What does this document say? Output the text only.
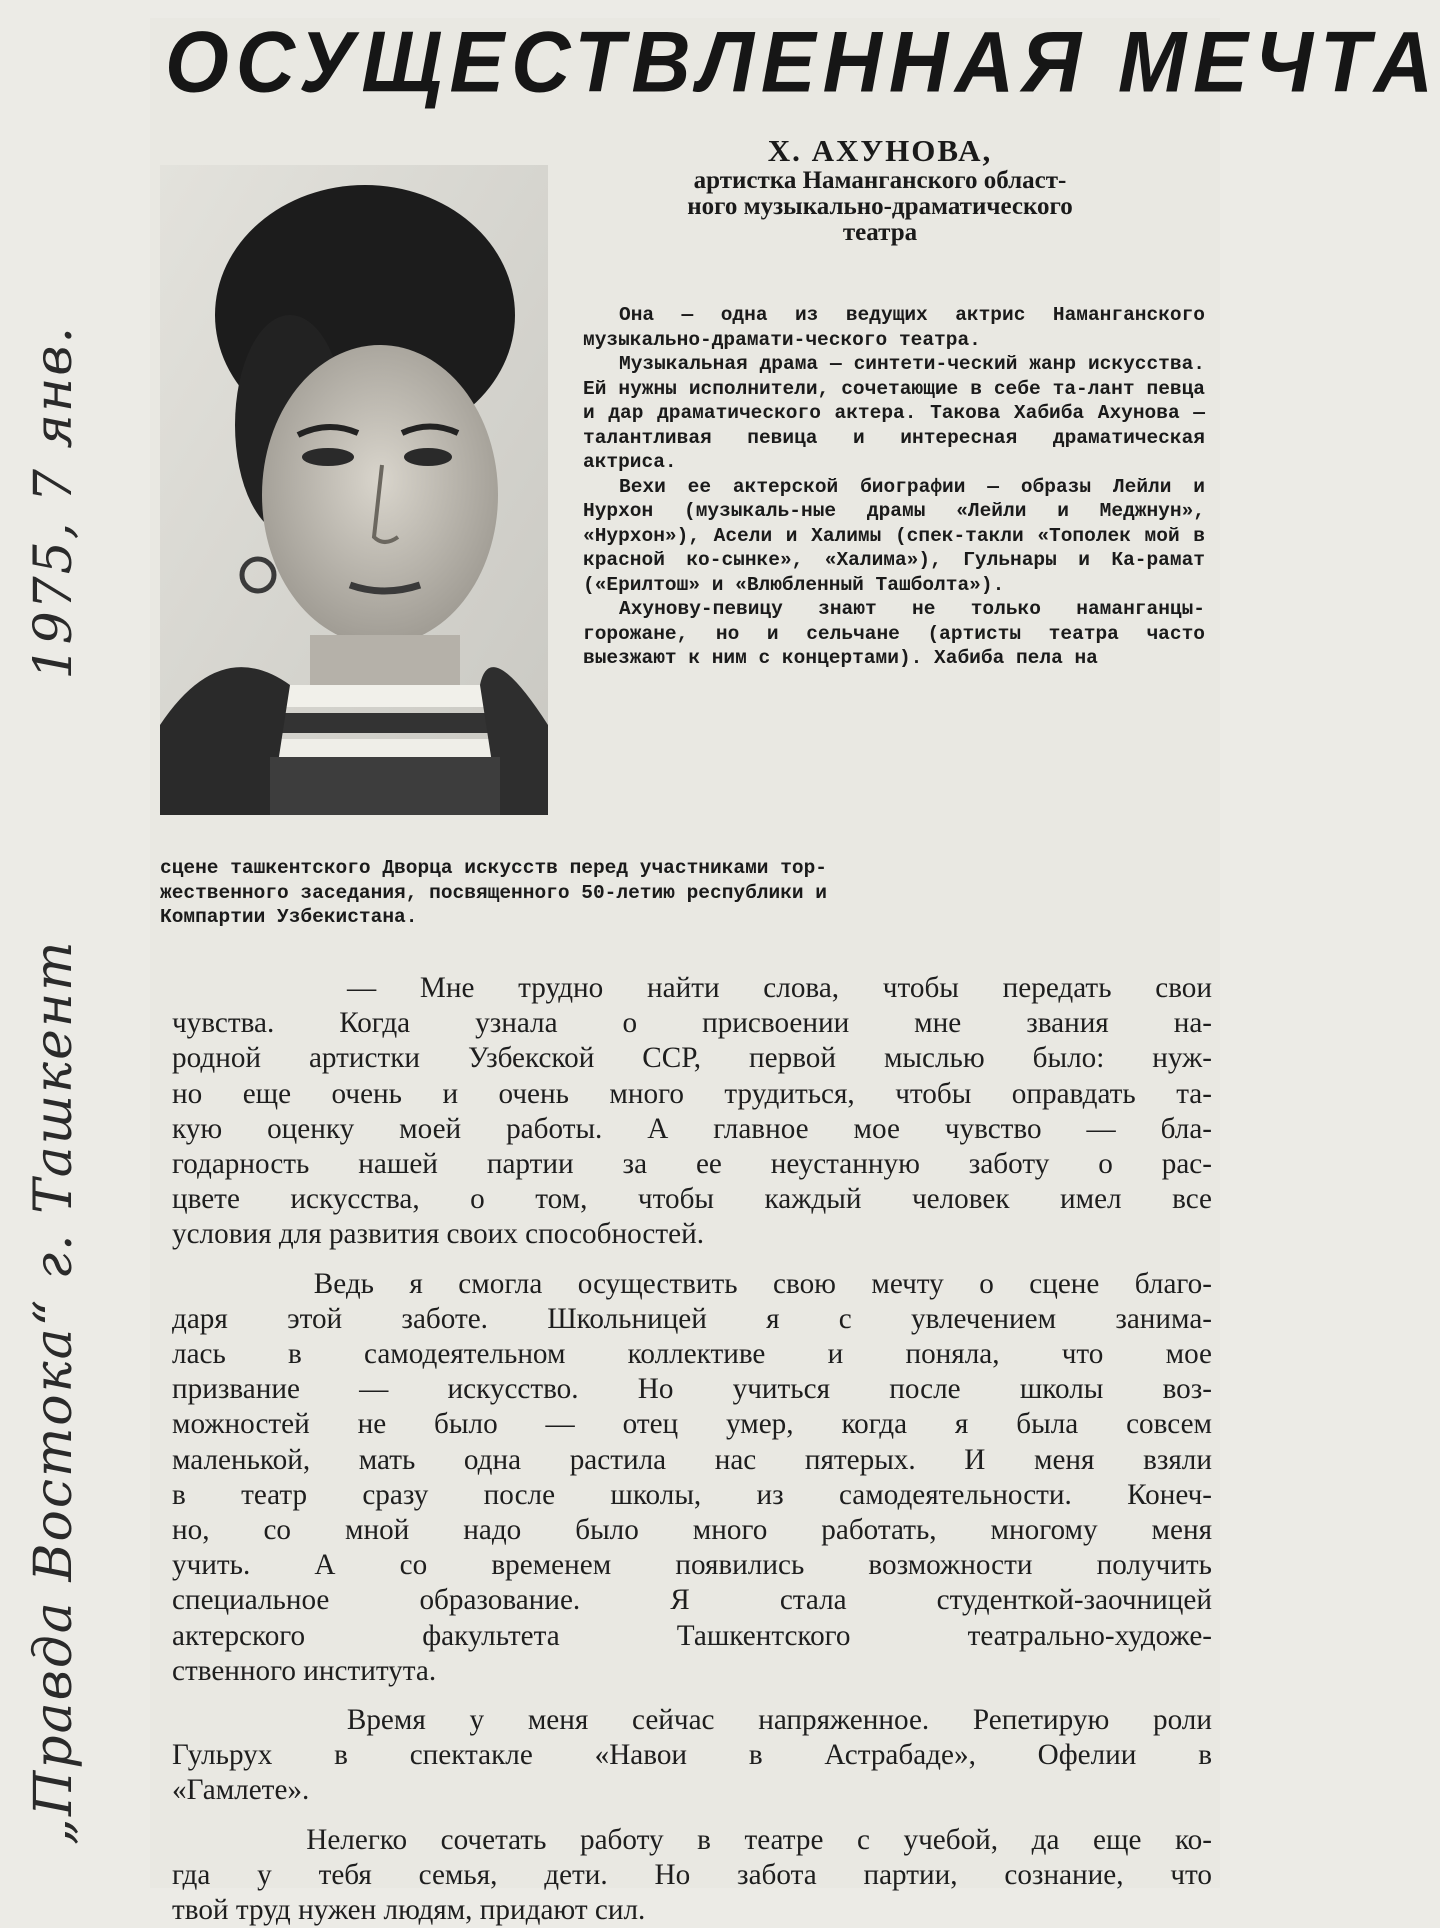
„Правда Востока“ г. Ташкент
1975, 7 янв.
ОСУЩЕСТВЛЕННАЯ МЕЧТА
Х. АХУНОВА,
артистка Наманганского област-
ного музыкально-драматического
театра

Она — одна из ведущих актрис Наманганского музыкально-драмати-ческого театра.

Музыкальная драма — синтети-ческий жанр искусства. Ей нужны исполнители, сочетающие в себе та-лант певца и дар драматического актера. Такова Хабиба Ахунова — талантливая певица и интересная драматическая актриса.

Вехи ее актерской биографии — образы Лейли и Нурхон (музыкаль-ные драмы «Лейли и Меджнун», «Нурхон»), Асели и Халимы (спек-такли «Тополек мой в красной ко-сынке», «Халима»), Гульнары и Ка-рамат («Ерилтош» и «Влюбленный Ташболта»).

Ахунову-певицу знают не только наманганцы-горожане, но и сельчане (артисты театра часто выезжают к ним с концертами). Хабиба пела на

сцене ташкентского Дворца искусств перед участниками тор-
жественного заседания, посвященного 50-летию республики и
Компартии Узбекистана.

— Мне трудно найти слова, чтобы передать свои
чувства. Когда узнала о присвоении мне звания на-
родной артистки Узбекской ССР, первой мыслью было: нуж-
но еще очень и очень много трудиться, чтобы оправдать та-
кую оценку моей работы. А главное мое чувство — бла-
годарность нашей партии за ее неустанную заботу о рас-
цвете искусства, о том, чтобы каждый человек имел все
условия для развития своих способностей.

Ведь я смогла осуществить свою мечту о сцене благо-
даря этой заботе. Школьницей я с увлечением занима-
лась в самодеятельном коллективе и поняла, что мое
призвание — искусство. Но учиться после школы воз-
можностей не было — отец умер, когда я была совсем
маленькой, мать одна растила нас пятерых. И меня взяли
в театр сразу после школы, из самодеятельности. Конеч-
но, со мной надо было много работать, многому меня
учить. А со временем появились возможности получить
специальное образование. Я стала студенткой-заочницей
актерского факультета Ташкентского театрально-художе-
ственного института.

Время у меня сейчас напряженное. Репетирую роли
Гульрух в спектакле «Навои в Астрабаде», Офелии в
«Гамлете».

Нелегко сочетать работу в театре с учебой, да еще ко-
гда у тебя семья, дети. Но забота партии, сознание, что
твой труд нужен людям, придают сил.
